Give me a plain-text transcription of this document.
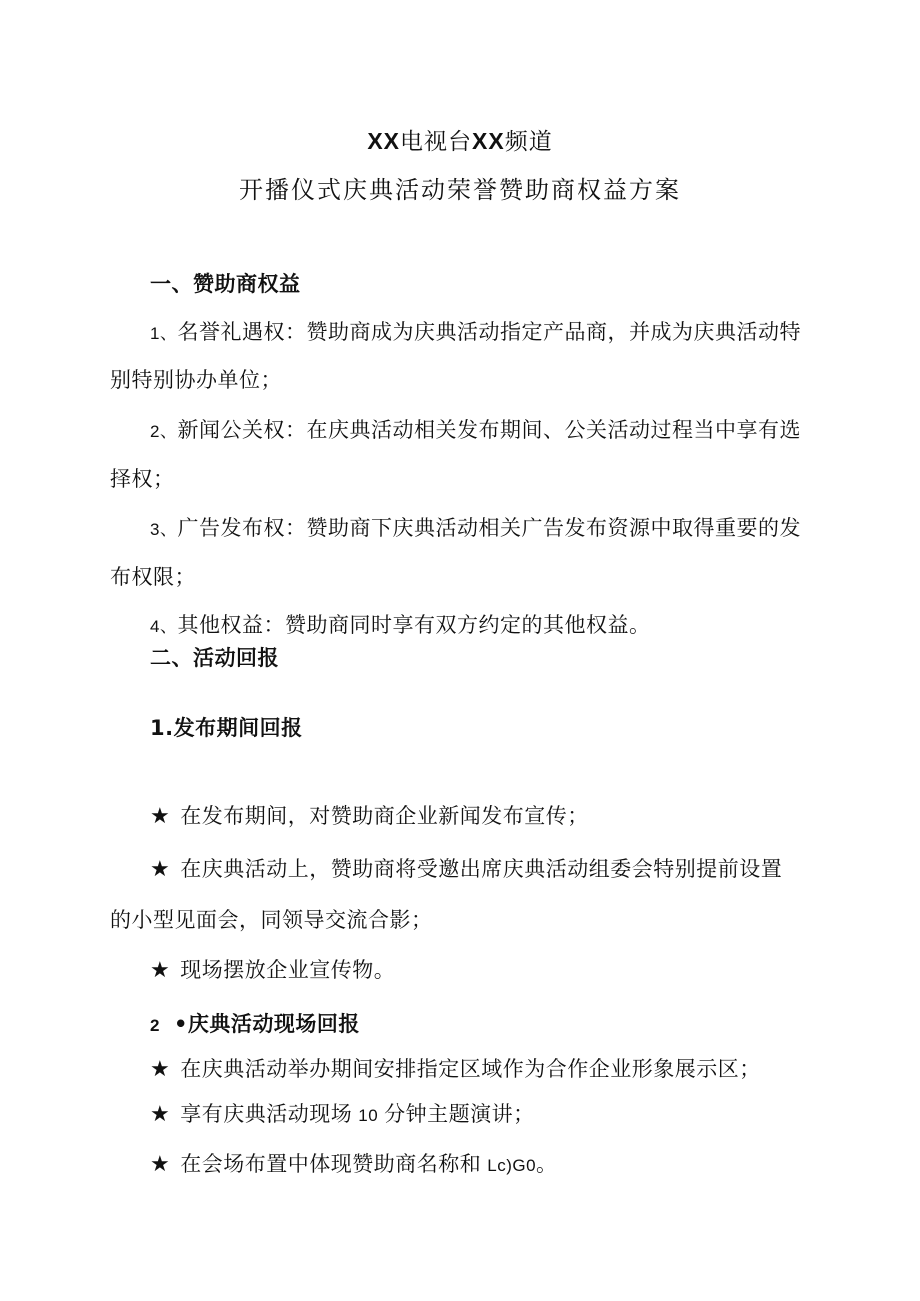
XX电视台XX频道
开播仪式庆典活动荣誉赞助商权益方案
一、赞助商权益
1、名誉礼遇权：赞助商成为庆典活动指定产品商，并成为庆典活动特
别特别协办单位；
2、新闻公关权：在庆典活动相关发布期间、公关活动过程当中享有选
择权；
3、广告发布权：赞助商下庆典活动相关广告发布资源中取得重要的发
布权限；
4、其他权益：赞助商同时享有双方约定的其他权益。
二、活动回报
1.发布期间回报
★ 在发布期间，对赞助商企业新闻发布宣传；
★ 在庆典活动上，赞助商将受邀出席庆典活动组委会特别提前设置
的小型见面会，同领导交流合影；
★ 现场摆放企业宣传物。
2 •庆典活动现场回报
★ 在庆典活动举办期间安排指定区域作为合作企业形象展示区；
★ 享有庆典活动现场 10 分钟主题演讲；
★ 在会场布置中体现赞助商名称和 Lc)G0。
